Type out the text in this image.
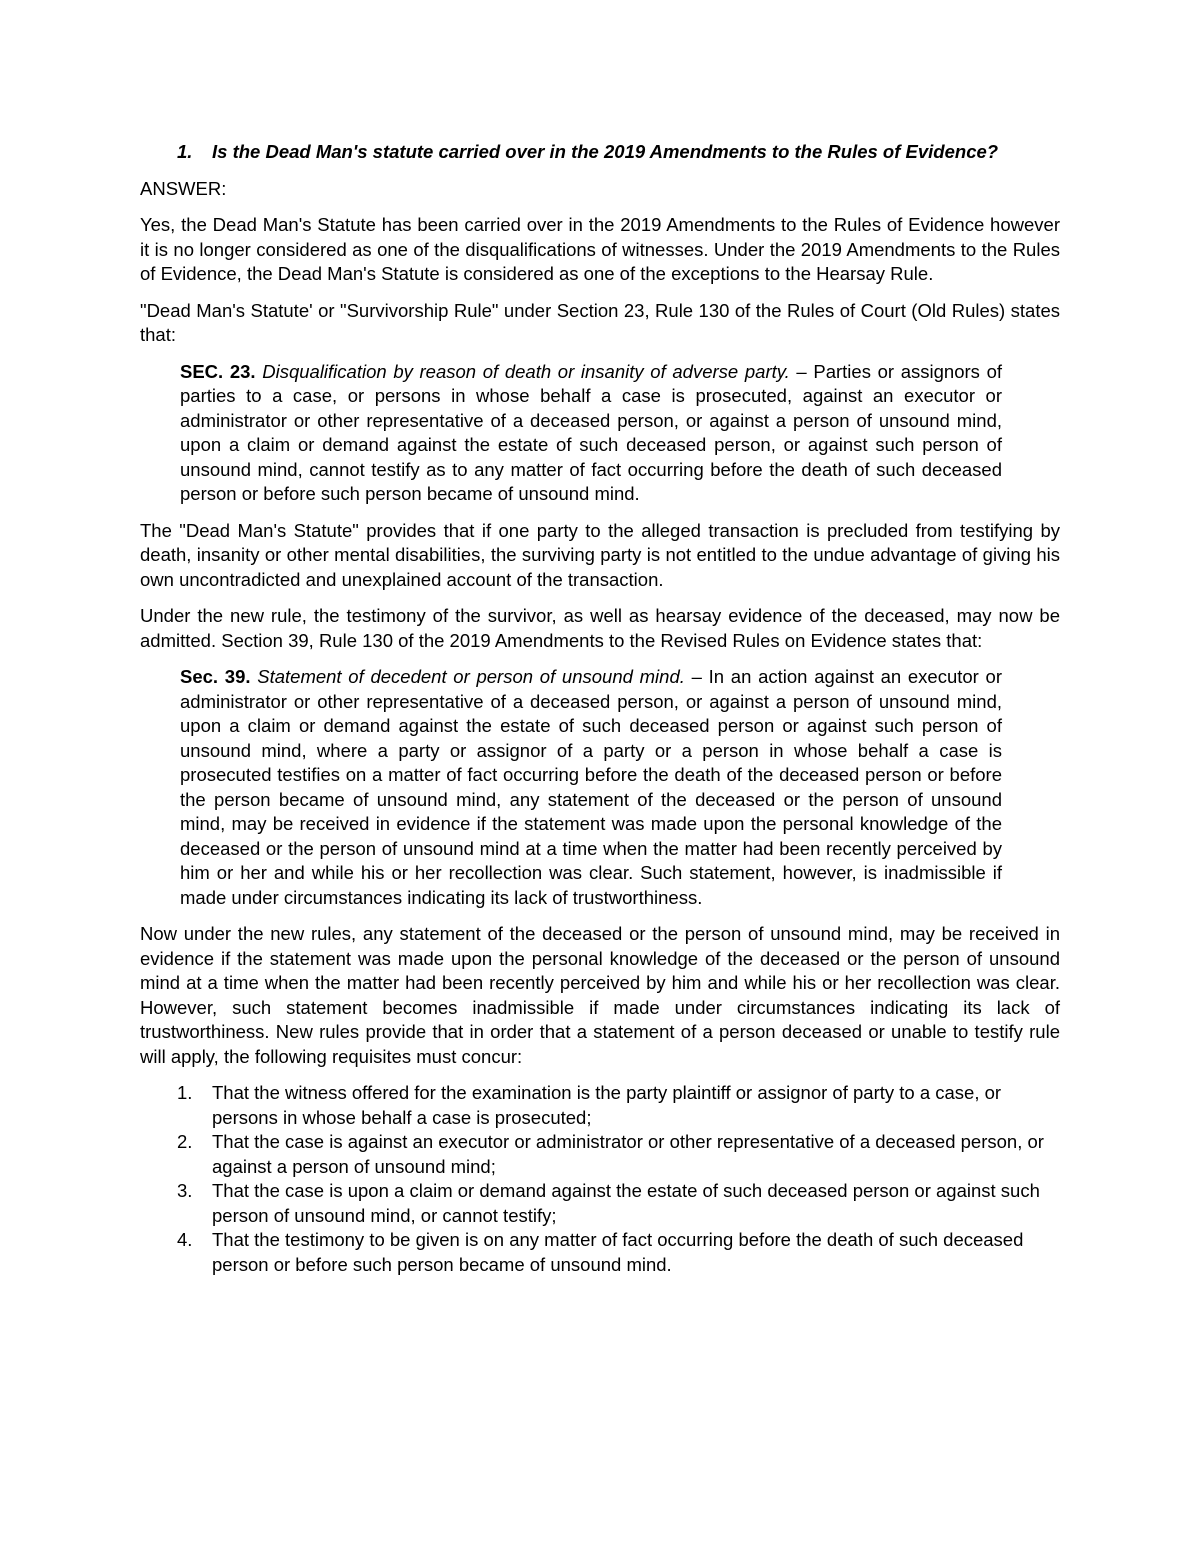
1.	Is the Dead Man's statute carried over in the 2019 Amendments to the Rules of Evidence?

ANSWER:

Yes, the Dead Man's Statute has been carried over in the 2019 Amendments to the Rules of Evidence however it is no longer considered as one of the disqualifications of witnesses. Under the 2019 Amendments to the Rules of Evidence, the Dead Man's Statute is considered as one of the exceptions to the Hearsay Rule.

"Dead Man's Statute' or "Survivorship Rule" under Section 23, Rule 130 of the Rules of Court (Old Rules) states that:

SEC. 23. Disqualification by reason of death or insanity of adverse party. – Parties or assignors of parties to a case, or persons in whose behalf a case is prosecuted, against an executor or administrator or other representative of a deceased person, or against a person of unsound mind, upon a claim or demand against the estate of such deceased person, or against such person of unsound mind, cannot testify as to any matter of fact occurring before the death of such deceased person or before such person became of unsound mind.

The "Dead Man's Statute" provides that if one party to the alleged transaction is precluded from testifying by death, insanity or other mental disabilities, the surviving party is not entitled to the undue advantage of giving his own uncontradicted and unexplained account of the transaction.

Under the new rule, the testimony of the survivor, as well as hearsay evidence of the deceased, may now be admitted. Section 39, Rule 130 of the 2019 Amendments to the Revised Rules on Evidence states that:

Sec. 39. Statement of decedent or person of unsound mind. – In an action against an executor or administrator or other representative of a deceased person, or against a person of unsound mind, upon a claim or demand against the estate of such deceased person or against such person of unsound mind, where a party or assignor of a party or a person in whose behalf a case is prosecuted testifies on a matter of fact occurring before the death of the deceased person or before the person became of unsound mind, any statement of the deceased or the person of unsound mind, may be received in evidence if the statement was made upon the personal knowledge of the deceased or the person of unsound mind at a time when the matter had been recently perceived by him or her and while his or her recollection was clear. Such statement, however, is inadmissible if made under circumstances indicating its lack of trustworthiness.

Now under the new rules, any statement of the deceased or the person of unsound mind, may be received in evidence if the statement was made upon the personal knowledge of the deceased or the person of unsound mind at a time when the matter had been recently perceived by him and while his or her recollection was clear. However, such statement becomes inadmissible if made under circumstances indicating its lack of trustworthiness. New rules provide that in order that a statement of a person deceased or unable to testify rule will apply, the following requisites must concur:

1.	That the witness offered for the examination is the party plaintiff or assignor of party to a case, or persons in whose behalf a case is prosecuted;
2.	That the case is against an executor or administrator or other representative of a deceased person, or against a person of unsound mind;
3.	That the case is upon a claim or demand against the estate of such deceased person or against such person of unsound mind, or cannot testify;
4.	That the testimony to be given is on any matter of fact occurring before the death of such deceased person or before such person became of unsound mind.
